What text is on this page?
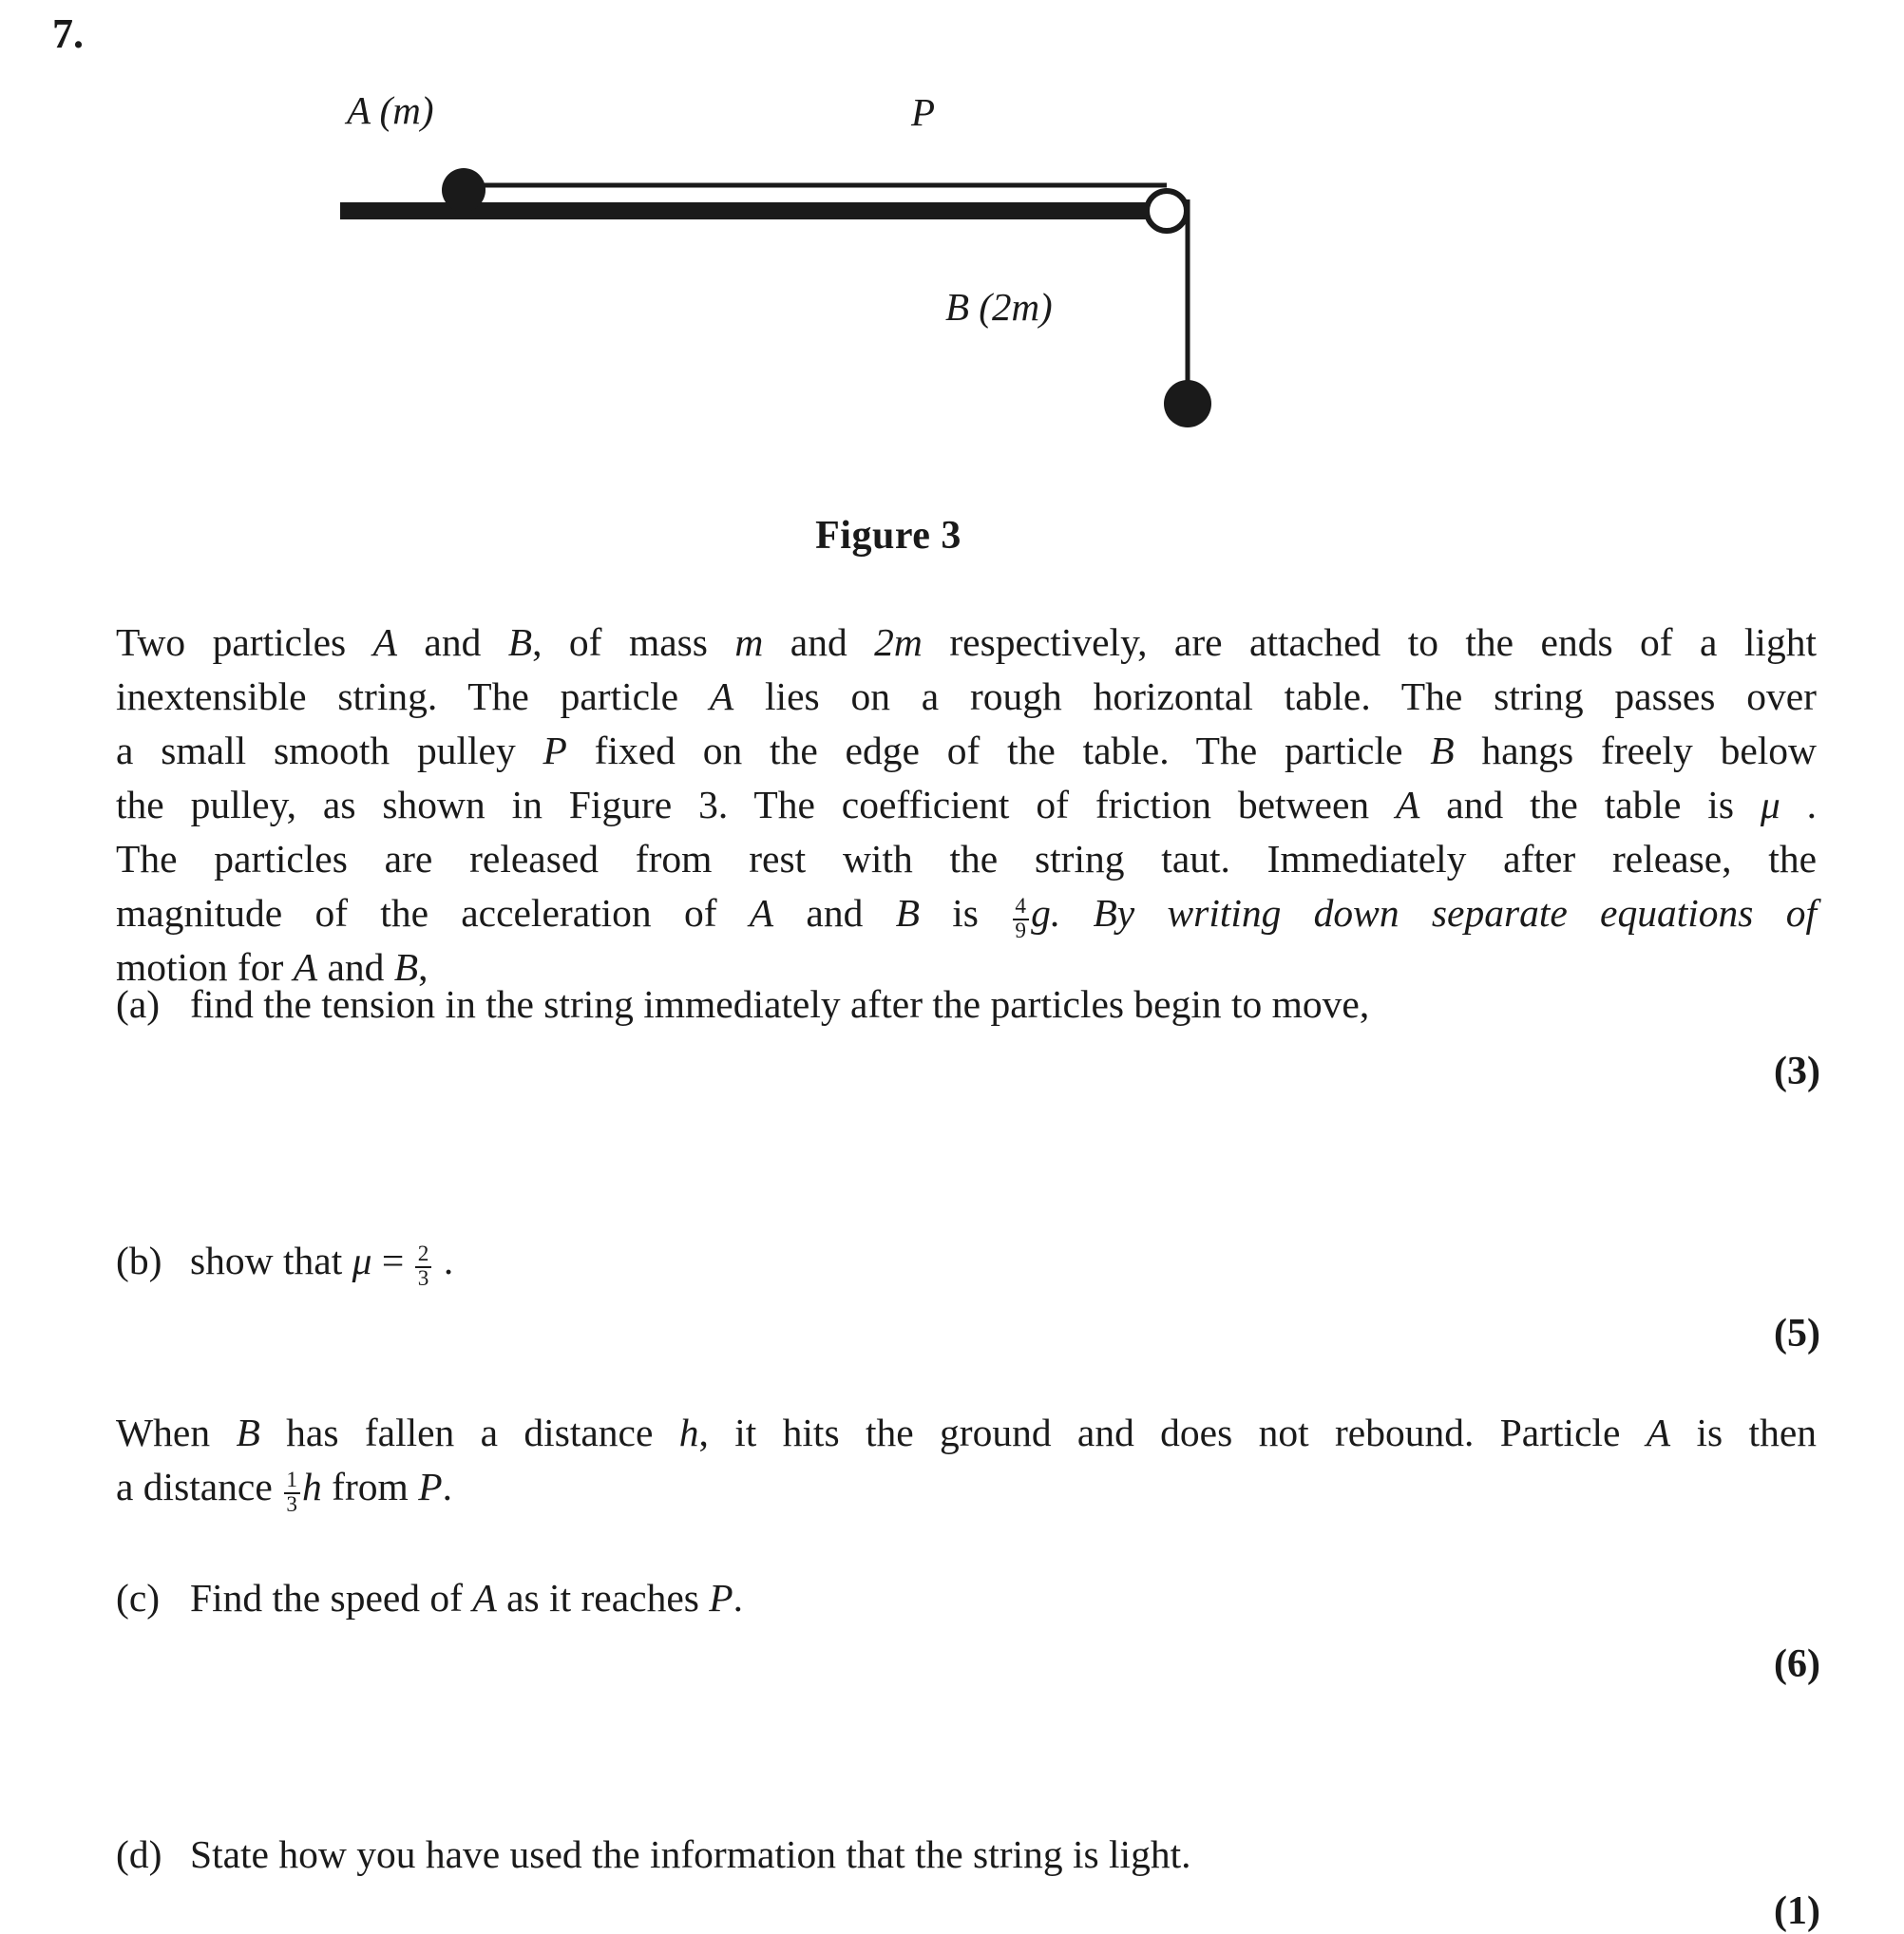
7.
A (m)	P
B (2m)
Figure 3
Two particles A and B, of mass m and 2m respectively, are attached to the ends of a light
inextensible string. The particle A lies on a rough horizontal table. The string passes over
a small smooth pulley P fixed on the edge of the table. The particle B hangs freely below
the pulley, as shown in Figure 3. The coefficient of friction between A and the table is μ .
The particles are released from rest with the string taut. Immediately after release, the
magnitude of the acceleration of A and B is $\frac{4}{9} g$. By writing down separate equations of
motion for A and B,
(a) find the tension in the string immediately after the particles begin to move,
(3)
(b) show that $\mu = \frac{2}{3}$ .
(5)
When B has fallen a distance h, it hits the ground and does not rebound. Particle A is then
a distance $\frac{1}{3}$ h from P.
(c) Find the speed of A as it reaches P.
(6)
(d) State how you have used the information that the string is light.
(1)
